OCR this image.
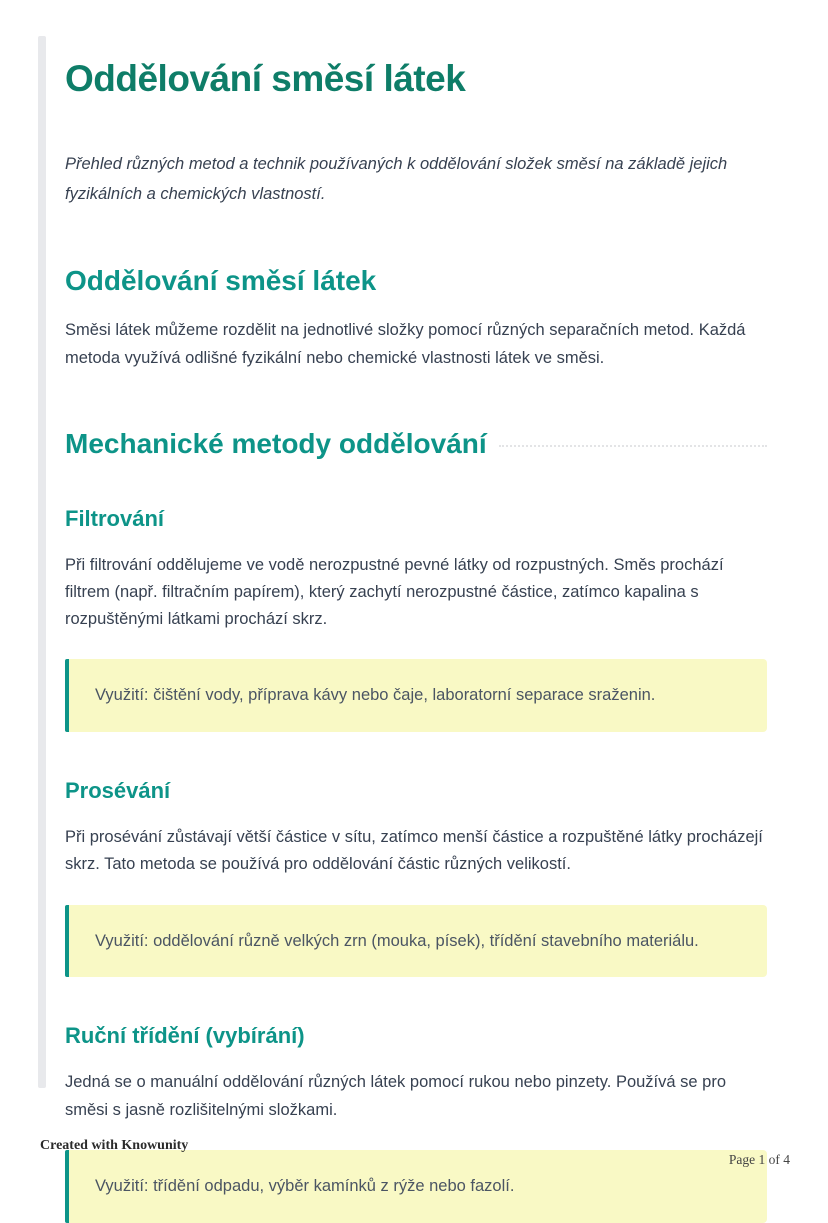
Oddělování směsí látek

Přehled různých metod a technik používaných k oddělování složek směsí na základě jejich fyzikálních a chemických vlastností.

Oddělování směsí látek

Směsi látek můžeme rozdělit na jednotlivé složky pomocí různých separačních metod. Každá metoda využívá odlišné fyzikální nebo chemické vlastnosti látek ve směsi.

Mechanické metody oddělování
Filtrování

Při filtrování oddělujeme ve vodě nerozpustné pevné látky od rozpustných. Směs prochází filtrem (např. filtračním papírem), který zachytí nerozpustné částice, zatímco kapalina s rozpuštěnými látkami prochází skrz.

Využití: čištění vody, příprava kávy nebo čaje, laboratorní separace sraženin.
Prosévání

Při prosévání zůstávají větší částice v sítu, zatímco menší částice a rozpuštěné látky procházejí skrz. Tato metoda se používá pro oddělování částic různých velikostí.

Využití: oddělování různě velkých zrn (mouka, písek), třídění stavebního materiálu.
Ruční třídění (vybírání)

Jedná se o manuální oddělování různých látek pomocí rukou nebo pinzety. Používá se pro směsi s jasně rozlišitelnými složkami.

Využití: třídění odpadu, výběr kamínků z rýže nebo fazolí.
Created with Knowunity
Page 1 of 4
